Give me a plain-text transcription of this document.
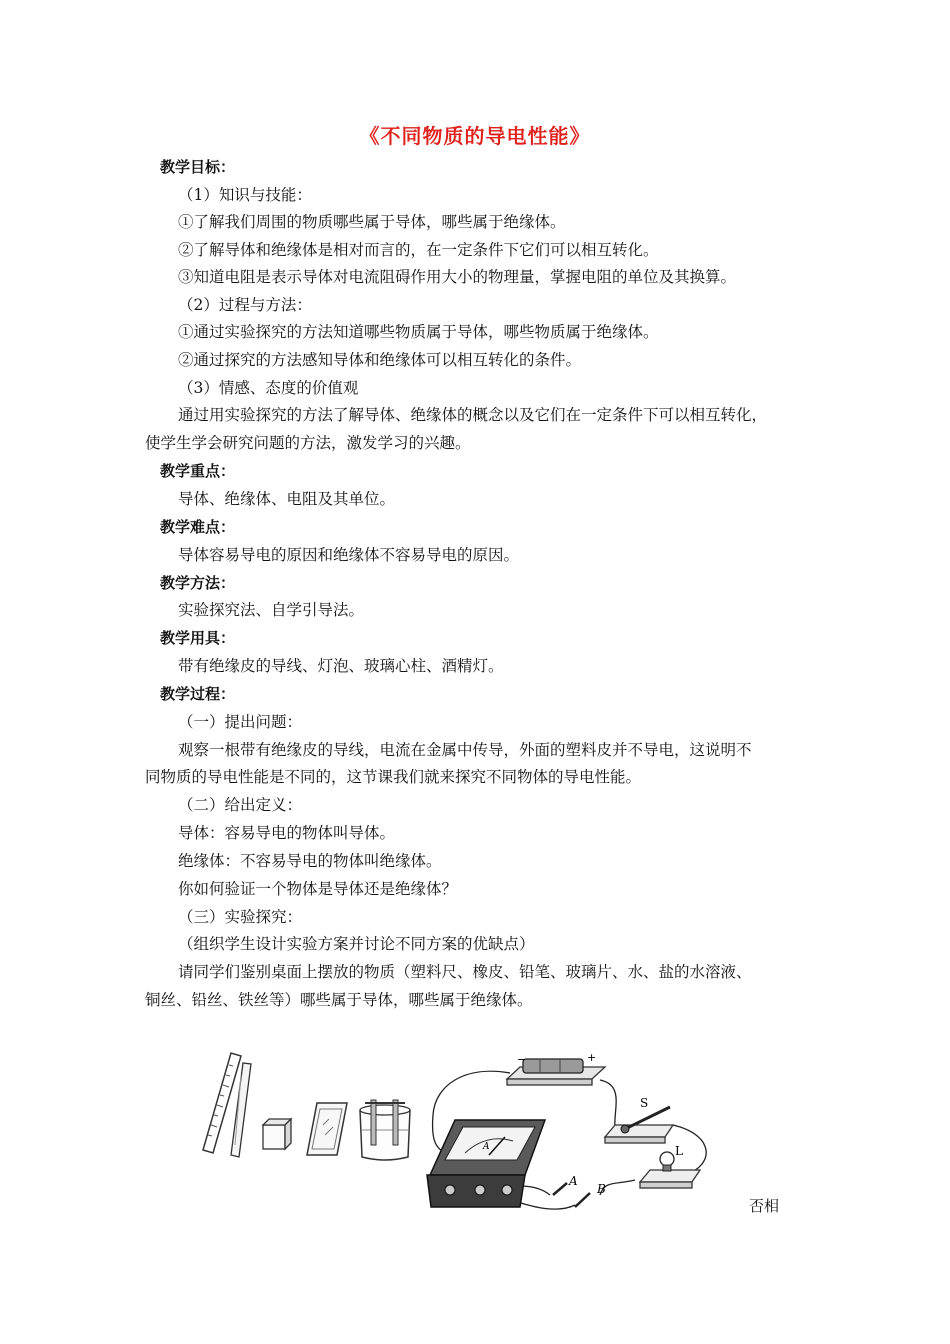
《不同物质的导电性能》
教学目标：
（1）知识与技能：
①了解我们周围的物质哪些属于导体，哪些属于绝缘体。
②了解导体和绝缘体是相对而言的，在一定条件下它们可以相互转化。
③知道电阻是表示导体对电流阻碍作用大小的物理量，掌握电阻的单位及其换算。
（2）过程与方法：
①通过实验探究的方法知道哪些物质属于导体，哪些物质属于绝缘体。
②通过探究的方法感知导体和绝缘体可以相互转化的条件。
（3）情感、态度的价值观
通过用实验探究的方法了解导体、绝缘体的概念以及它们在一定条件下可以相互转化，
使学生学会研究问题的方法，激发学习的兴趣。
教学重点：
导体、绝缘体、电阻及其单位。
教学难点：
导体容易导电的原因和绝缘体不容易导电的原因。
教学方法：
实验探究法、自学引导法。
教学用具：
带有绝缘皮的导线、灯泡、玻璃心柱、酒精灯。
教学过程：
（一）提出问题：
观察一根带有绝缘皮的导线，电流在金属中传导，外面的塑料皮并不导电，这说明不
同物质的导电性能是不同的，这节课我们就来探究不同物体的导电性能。
（二）给出定义：
导体：容易导电的物体叫导体。
绝缘体：不容易导电的物体叫绝缘体。
你如何验证一个物体是导体还是绝缘体？
（三）实验探究：
（组织学生设计实验方案并讨论不同方案的优缺点）
请同学们鉴别桌面上摆放的物质（塑料尺、橡皮、铅笔、玻璃片、水、盐的水溶液、
铜丝、铅丝、铁丝等）哪些属于导体，哪些属于绝缘体。
−	+
A
A
B
S
L
否相
